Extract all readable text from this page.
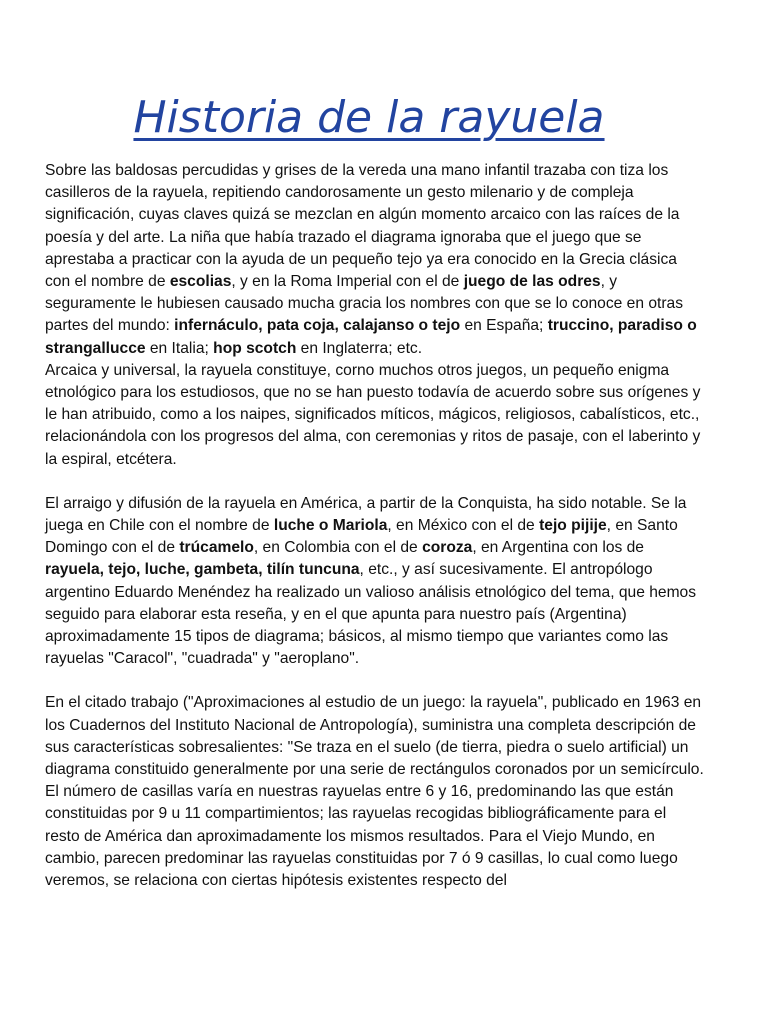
Historia de la rayuela

Sobre las baldosas percudidas y grises de la vereda una mano infantil trazaba con tiza los casilleros de la rayuela, repitiendo candorosamente un gesto milenario y de compleja significación, cuyas claves quizá se mezclan en algún momento arcaico con las raíces de la poesía y del arte. La niña que había trazado el diagrama ignoraba que el juego que se aprestaba a practicar con la ayuda de un pequeño tejo ya era conocido en la Grecia clásica con el nombre de escolias, y en la Roma Imperial con el de juego de las odres, y seguramente le hubiesen causado mucha gracia los nombres con que se lo conoce en otras partes del mundo: infernáculo, pata coja, calajanso o tejo en España; truccino, paradiso o strangallucce en Italia; hop scotch en Inglaterra; etc.

Arcaica y universal, la rayuela constituye, corno muchos otros juegos, un pequeño enigma etnológico para los estudiosos, que no se han puesto todavía de acuerdo sobre sus orígenes y le han atribuido, como a los naipes, significados míticos, mágicos, religiosos, cabalísticos, etc., relacionándola con los progresos del alma, con ceremonias y ritos de pasaje, con el laberinto y la espiral, etcétera.

El arraigo y difusión de la rayuela en América, a partir de la Conquista, ha sido notable. Se la juega en Chile con el nombre de luche o Mariola, en México con el de tejo pijije, en Santo Domingo con el de trúcamelo, en Colombia con el de coroza, en Argentina con los de rayuela, tejo, luche, gambeta, tilín tuncuna, etc., y así sucesivamente. El antropólogo argentino Eduardo Menéndez ha realizado un valioso análisis etnológico del tema, que hemos seguido para elaborar esta reseña, y en el que apunta para nuestro país (Argentina) aproximadamente 15 tipos de diagrama; básicos, al mismo tiempo que variantes como las rayuelas "Caracol", "cuadrada" y "aeroplano".

En el citado trabajo ("Aproximaciones al estudio de un juego: la rayuela", publicado en 1963 en los Cuadernos del Instituto Nacional de Antropología), suministra una completa descripción de sus características sobresalientes: "Se traza en el suelo (de tierra, piedra o suelo artificial) un diagrama constituido generalmente por una serie de rectángulos coronados por un semicírculo. El número de casillas varía en nuestras rayuelas entre 6 y 16, predominando las que están constituidas por 9 u 11 compartimientos; las rayuelas recogidas bibliográficamente para el resto de América dan aproximadamente los mismos resultados. Para el Viejo Mundo, en cambio, parecen predominar las rayuelas constituidas por 7 ó 9 casillas, lo cual como luego veremos, se relaciona con ciertas hipótesis existentes respecto del
